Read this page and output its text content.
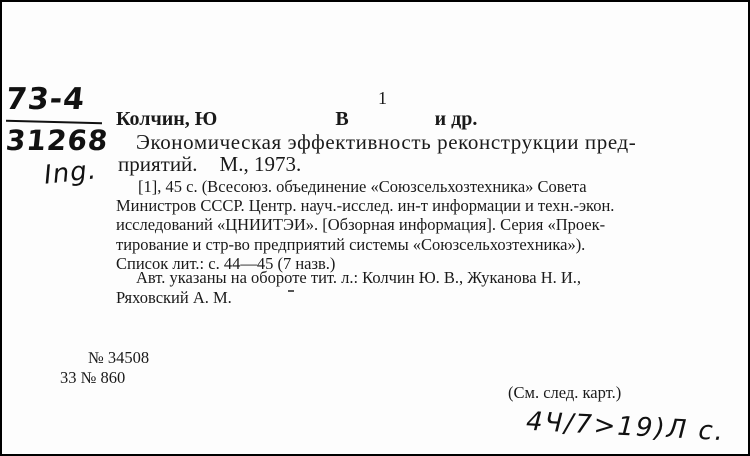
73-4
31268
Ing.
1
Колчин, Ю	В	и др.
Экономическая эффективность реконструкции пред-
приятий. М., 1973.
[1], 45 с. (Всесоюз. объединение «Союзсельхозтехника» Совета
Министров СССР. Центр. науч.-исслед. ин-т информации и техн.-экон.
исследований «ЦНИИТЭИ». [Обзорная информация]. Серия «Проек-
тирование и стр-во предприятий системы «Союзсельхозтехника»).
Список лит.: с. 44—45 (7 назв.)
Авт. указаны на обороте тит. л.: Колчин Ю. В., Жуканова Н. И.,
Ряховский А. М.
№ 34508
33 № 860
(См. след. карт.)
4Ч/7>19)Л с.
